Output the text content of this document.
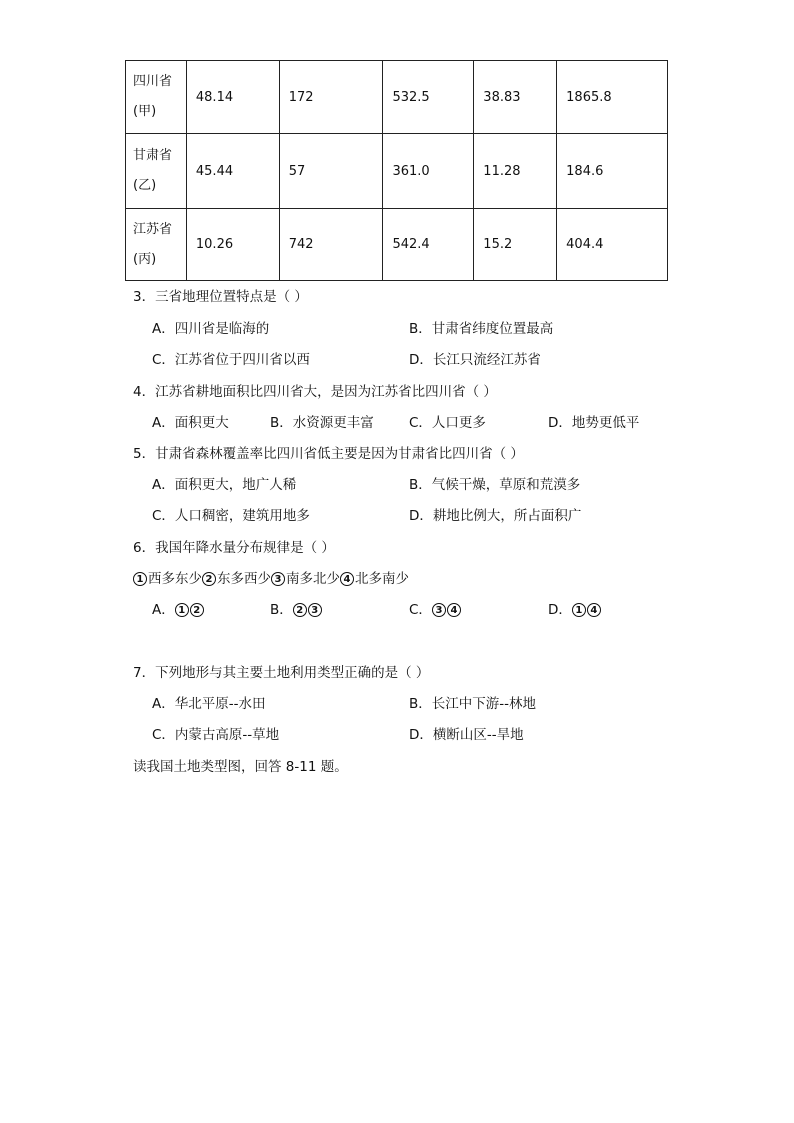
四川省
(甲)	48.14	172	532.5	38.83	1865.8

甘肃省
(乙)	45.44	57	361.0	11.28	184.6

江苏省
(丙)	10.26	742	542.4	15.2	404.4
3．三省地理位置特点是（ ）
A．四川省是临海的	B．甘肃省纬度位置最高
C．江苏省位于四川省以西	D．长江只流经江苏省
4．江苏省耕地面积比四川省大，是因为江苏省比四川省（ ）
A．面积更大	B．水资源更丰富	C．人口更多	D．地势更低平
5．甘肃省森林覆盖率比四川省低主要是因为甘肃省比四川省（ ）
A．面积更大，地广人稀	B．气候干燥，草原和荒漠多
C．人口稠密，建筑用地多	D．耕地比例大，所占面积广
6．我国年降水量分布规律是（ ）
1 西多东少 2 东多西少 3 南多北少 4 北多南少
A． 1 2	B． 2 3	C． 3 4	D． 1 4
7．下列地形与其主要土地利用类型正确的是（ ）
A．华北平原--水田	B．长江中下游--林地
C．内蒙古高原--草地	D．横断山区--旱地
读我国土地类型图，回答 8-11 题。
